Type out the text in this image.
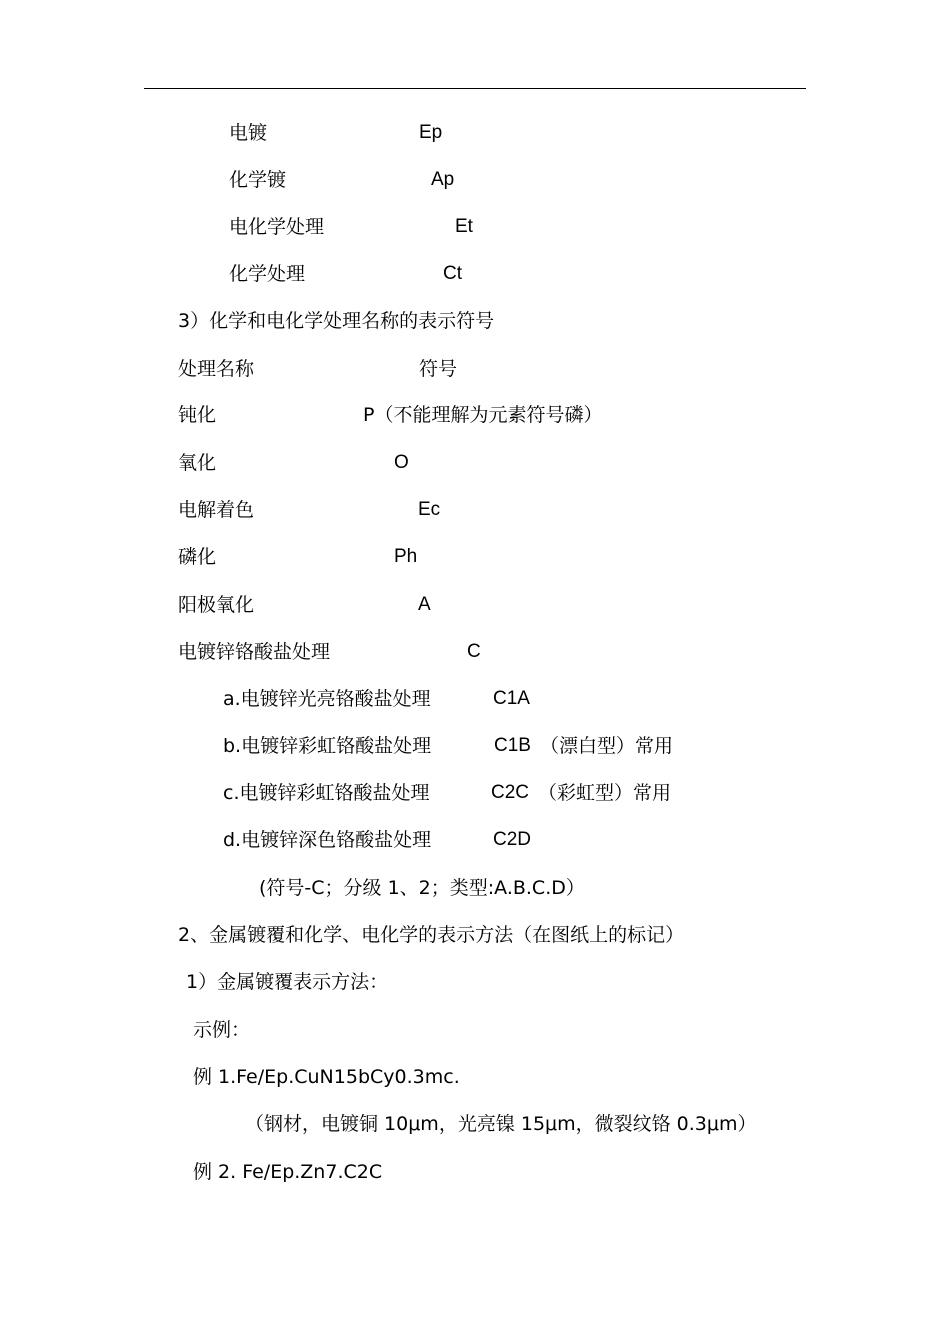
电镀	Ep
化学镀	Ap
电化学处理	Et
化学处理	Ct
3）化学和电化学处理名称的表示符号
处理名称	符号
钝化	P（不能理解为元素符号磷）
氧化	O
电解着色	Ec
磷化	Ph
阳极氧化	A
电镀锌铬酸盐处理	C
a.电镀锌光亮铬酸盐处理	C1A
b.电镀锌彩虹铬酸盐处理	C1B （漂白型）常用
c.电镀锌彩虹铬酸盐处理	C2C （彩虹型）常用
d.电镀锌深色铬酸盐处理	C2D
(符号-C；分级 1、2；类型:A.B.C.D）
2、金属镀覆和化学、电化学的表示方法（在图纸上的标记）
1）金属镀覆表示方法：
示例：
例 1.Fe/Ep.CuN15bCy0.3mc.
（钢材，电镀铜 10μm，光亮镍 15μm，微裂纹铬 0.3μm）
例 2. Fe/Ep.Zn7.C2C
